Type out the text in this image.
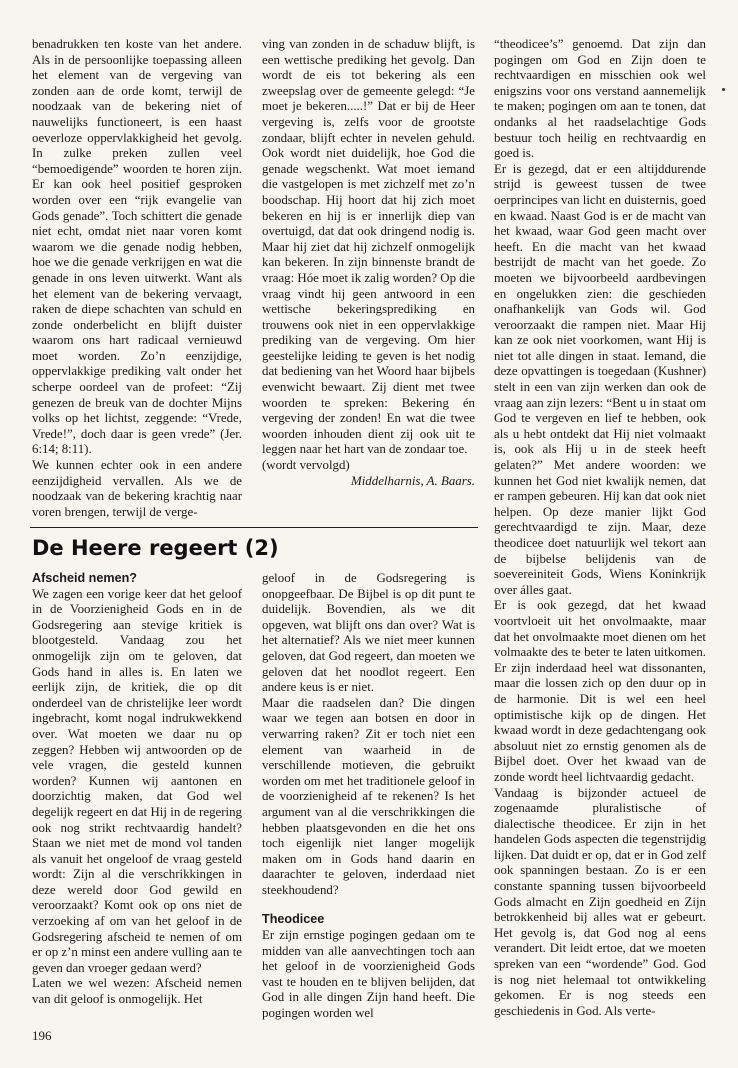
benadrukken ten koste van het andere. Als in de persoonlijke toepassing alleen het element van de vergeving van zonden aan de orde komt, terwijl de noodzaak van de bekering niet of nauwelijks functioneert, is een haast oeverloze oppervlakkigheid het gevolg. In zulke preken zullen veel “bemoedigende” woorden te horen zijn. Er kan ook heel positief gesproken worden over een “rijk evangelie van Gods genade”. Toch schittert die genade niet echt, omdat niet naar voren komt waarom we die genade nodig hebben, hoe we die genade verkrijgen en wat die genade in ons leven uitwerkt. Want als het element van de bekering vervaagt, raken de diepe schachten van schuld en zonde onderbelicht en blijft duister waarom ons hart radicaal vernieuwd moet worden. Zo’n eenzijdige, oppervlakkige prediking valt onder het scherpe oordeel van de profeet: “Zij genezen de breuk van de dochter Mijns volks op het lichtst, zeggende: “Vrede, Vrede!”, doch daar is geen vrede” (Jer. 6:14; 8:11).

We kunnen echter ook in een andere eenzijdigheid vervallen. Als we de noodzaak van de bekering krachtig naar voren brengen, terwijl de verge-

ving van zonden in de schaduw blijft, is een wettische prediking het gevolg. Dan wordt de eis tot bekering als een zweepslag over de gemeente gelegd: “Je moet je bekeren.....!” Dat er bij de Heer vergeving is, zelfs voor de grootste zondaar, blijft echter in nevelen gehuld. Ook wordt niet duidelijk, hoe God die genade wegschenkt. Wat moet iemand die vastgelopen is met zichzelf met zo’n boodschap. Hij hoort dat hij zich moet bekeren en hij is er innerlijk diep van overtuigd, dat dat ook dringend nodig is. Maar hij ziet dat hij zichzelf onmogelijk kan bekeren. In zijn binnenste brandt de vraag: Hóe moet ik zalig worden? Op die vraag vindt hij geen antwoord in een wettische bekeringsprediking en trouwens ook niet in een oppervlakkige prediking van de vergeving. Om hier geestelijke leiding te geven is het nodig dat bediening van het Woord haar bijbels evenwicht bewaart. Zij dient met twee woorden te spreken: Bekering én vergeving der zonden! En wat die twee woorden inhouden dient zij ook uit te leggen naar het hart van de zondaar toe.

(wordt vervolgd)

Middelharnis, A. Baars.

“theodicee’s” genoemd. Dat zijn dan pogingen om God en Zijn doen te rechtvaardigen en misschien ook wel enigszins voor ons verstand aannemelijk te maken; pogingen om aan te tonen, dat ondanks al het raadselachtige Gods bestuur toch heilig en rechtvaardig en goed is.

Er is gezegd, dat er een altijddurende strijd is geweest tussen de twee oerprincipes van licht en duisternis, goed en kwaad. Naast God is er de macht van het kwaad, waar God geen macht over heeft. En die macht van het kwaad bestrijdt de macht van het goede. Zo moeten we bijvoorbeeld aardbevingen en ongelukken zien: die geschieden onafhankelijk van Gods wil. God veroorzaakt die rampen niet. Maar Hij kan ze ook niet voorkomen, want Hij is niet tot alle dingen in staat. Iemand, die deze opvattingen is toegedaan (Kushner) stelt in een van zijn werken dan ook de vraag aan zijn lezers: “Bent u in staat om God te vergeven en lief te hebben, ook als u hebt ontdekt dat Hij niet volmaakt is, ook als Hij u in de steek heeft gelaten?” Met andere woorden: we kunnen het God niet kwalijk nemen, dat er rampen gebeuren. Hij kan dat ook niet helpen. Op deze manier lijkt God gerechtvaardigd te zijn. Maar, deze theodicee doet natuurlijk wel tekort aan de bijbelse belijdenis van de soevereiniteit Gods, Wiens Koninkrijk over álles gaat.

Er is ook gezegd, dat het kwaad voortvloeit uit het onvolmaakte, maar dat het onvolmaakte moet dienen om het volmaakte des te beter te laten uitkomen. Er zijn inderdaad heel wat dissonanten, maar die lossen zich op den duur op in de harmonie. Dit is wel een heel optimistische kijk op de dingen. Het kwaad wordt in deze gedachtengang ook absoluut niet zo ernstig genomen als de Bijbel doet. Over het kwaad van de zonde wordt heel lichtvaardig gedacht.

Vandaag is bijzonder actueel de zogenaamde pluralistische of dialectische theodicee. Er zijn in het handelen Gods aspecten die tegenstrijdig lijken. Dat duidt er op, dat er in God zelf ook spanningen bestaan. Zo is er een constante spanning tussen bijvoorbeeld Gods almacht en Zijn goedheid en Zijn betrokkenheid bij alles wat er gebeurt. Het gevolg is, dat God nog al eens verandert. Dit leidt ertoe, dat we moeten spreken van een “wordende” God. God is nog niet helemaal tot ontwikkeling gekomen. Er is nog steeds een geschiedenis in God. Als verte-

De Heere regeert (2)
Afscheid nemen?

We zagen een vorige keer dat het geloof in de Voorzienigheid Gods en in de Godsregering aan stevige kritiek is blootgesteld. Vandaag zou het onmogelijk zijn om te geloven, dat Gods hand in alles is. En laten we eerlijk zijn, de kritiek, die op dit onderdeel van de christelijke leer wordt ingebracht, komt nogal indrukwekkend over. Wat moeten we daar nu op zeggen? Hebben wij antwoorden op de vele vragen, die gesteld kunnen worden? Kunnen wij aantonen en doorzichtig maken, dat God wel degelijk regeert en dat Hij in de regering ook nog strikt rechtvaardig handelt? Staan we niet met de mond vol tanden als vanuit het ongeloof de vraag gesteld wordt: Zijn al die verschrikkingen in deze wereld door God gewild en veroorzaakt? Komt ook op ons niet de verzoeking af om van het geloof in de Godsregering afscheid te nemen of om er op z’n minst een andere vulling aan te geven dan vroeger gedaan werd?

Laten we wel wezen: Afscheid nemen van dit geloof is onmogelijk. Het

geloof in de Godsregering is onopgeefbaar. De Bijbel is op dit punt te duidelijk. Bovendien, als we dit opgeven, wat blijft ons dan over? Wat is het alternatief? Als we niet meer kunnen geloven, dat God regeert, dan moeten we geloven dat het noodlot regeert. Een andere keus is er niet.

Maar die raadselen dan? Die dingen waar we tegen aan botsen en door in verwarring raken? Zit er toch niet een element van waarheid in de verschillende motieven, die gebruikt worden om met het traditionele geloof in de voorzienigheid af te rekenen? Is het argument van al die verschrikkingen die hebben plaatsgevonden en die het ons toch eigenlijk niet langer mogelijk maken om in Gods hand daarin en daarachter te geloven, inderdaad niet steekhoudend?

Theodicee

Er zijn ernstige pogingen gedaan om te midden van alle aanvechtingen toch aan het geloof in de voorzienigheid Gods vast te houden en te blijven belijden, dat God in alle dingen Zijn hand heeft. Die pogingen worden wel

196
